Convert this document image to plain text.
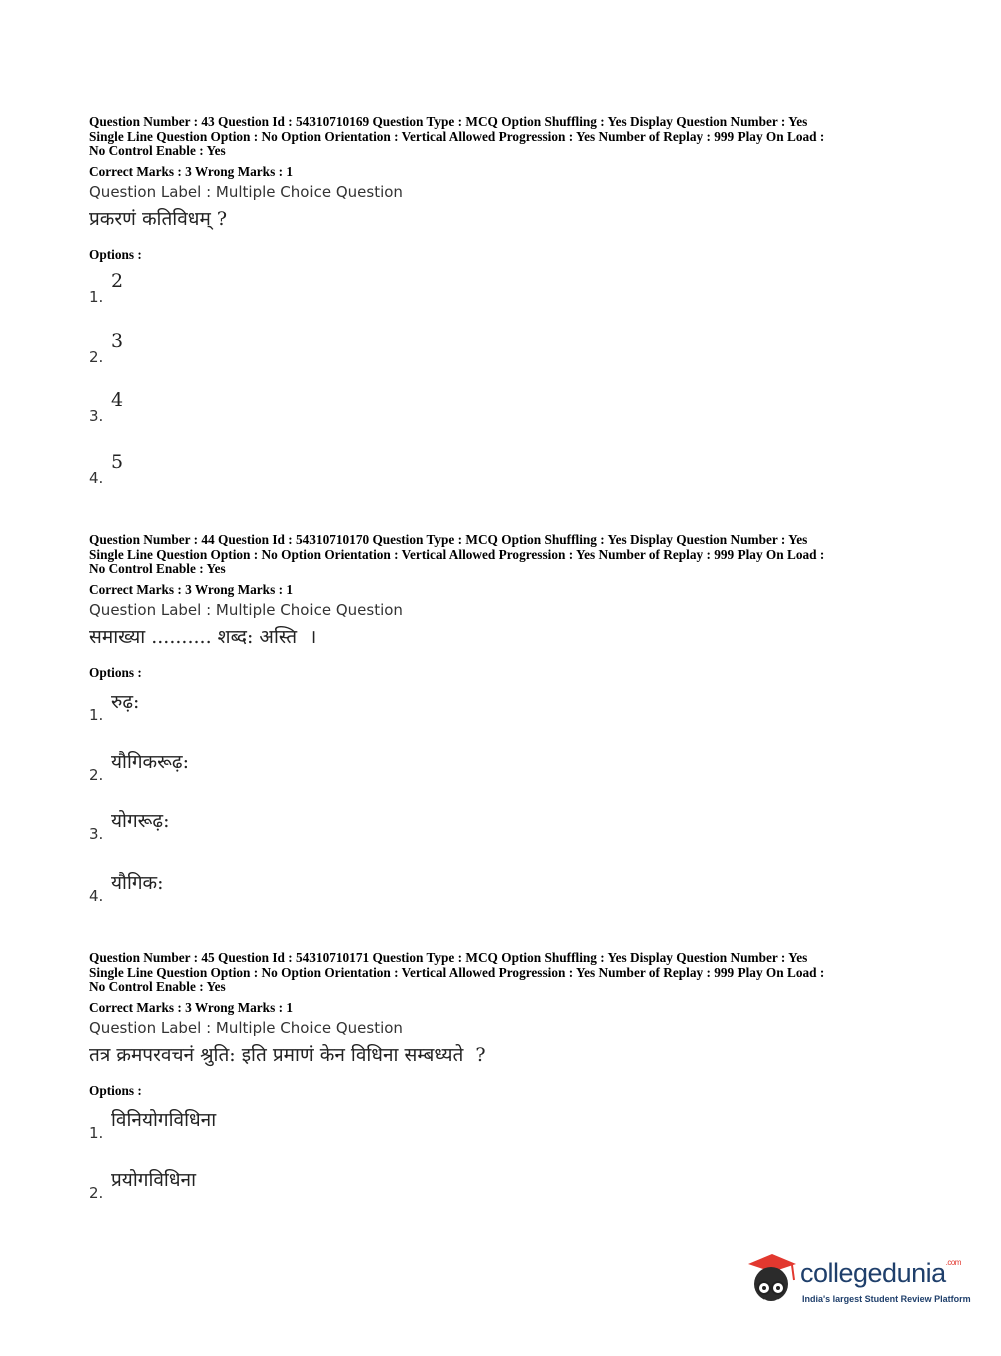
Question Number : 43 Question Id : 54310710169 Question Type : MCQ Option Shuffling : Yes Display Question Number : Yes
Single Line Question Option : No Option Orientation : Vertical Allowed Progression : Yes Number of Replay : 999 Play On Load :
No Control Enable : Yes
Correct Marks : 3 Wrong Marks : 1
Question Label : Multiple Choice Question
प्रकरणं कतिविधम् ?
Options :
1.
2
2.
3
3.
4
4.
5
Question Number : 44 Question Id : 54310710170 Question Type : MCQ Option Shuffling : Yes Display Question Number : Yes
Single Line Question Option : No Option Orientation : Vertical Allowed Progression : Yes Number of Replay : 999 Play On Load :
No Control Enable : Yes
Correct Marks : 3 Wrong Marks : 1
Question Label : Multiple Choice Question
समाख्या .......... शब्द: अस्ति  ।
Options :
1.
रुढ़:
2.
यौगिकरूढ़:
3.
योगरूढ़:
4.
यौगिक:
Question Number : 45 Question Id : 54310710171 Question Type : MCQ Option Shuffling : Yes Display Question Number : Yes
Single Line Question Option : No Option Orientation : Vertical Allowed Progression : Yes Number of Replay : 999 Play On Load :
No Control Enable : Yes
Correct Marks : 3 Wrong Marks : 1
Question Label : Multiple Choice Question
तत्र क्रमपरवचनं श्रुति: इति प्रमाणं केन विधिना सम्बध्यते  ?
Options :
1.
विनियोगविधिना
2.
प्रयोगविधिना
collegedunia$^{.com}$
India's largest Student Review Platform
